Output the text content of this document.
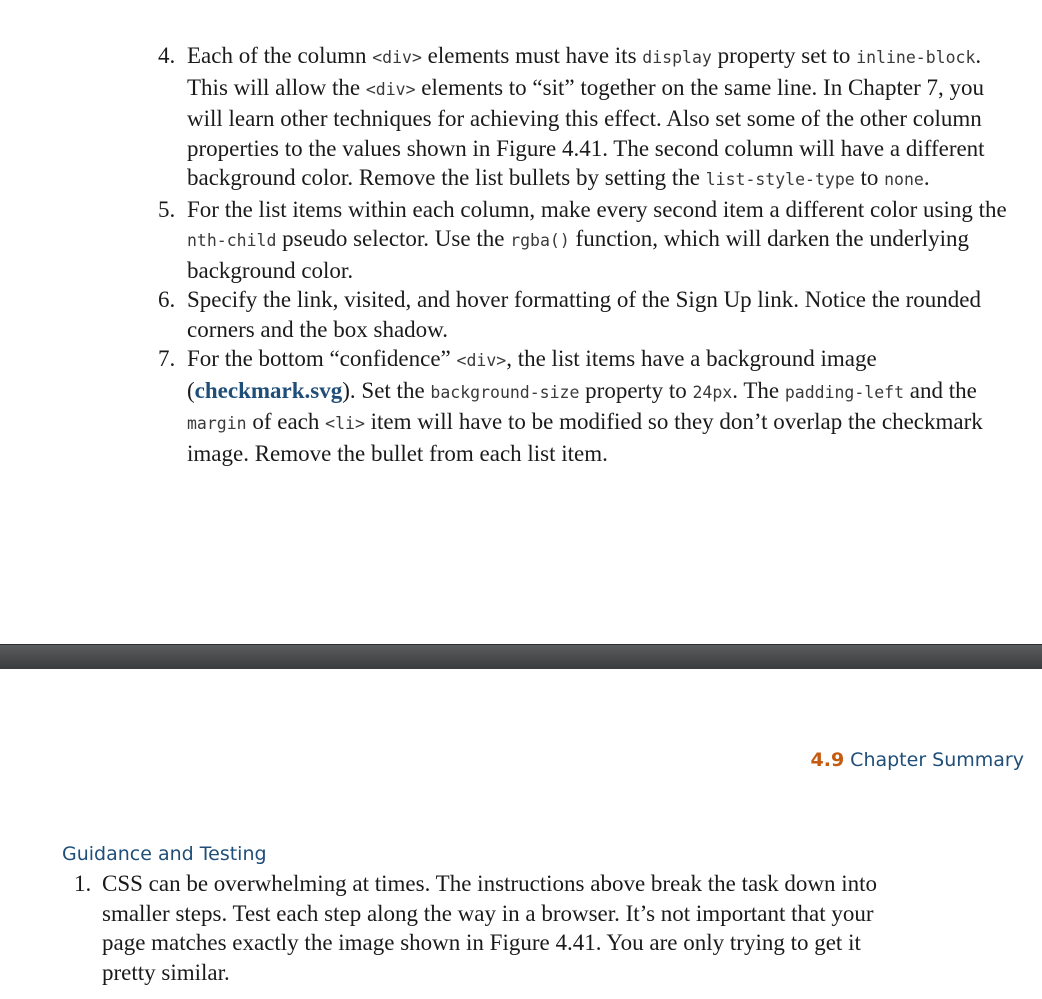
4. Each of the column <div> elements must have its display property set to inline-block. This will allow the <div> elements to “sit” together on the same line. In Chapter 7, you will learn other techniques for achieving this effect. Also set some of the other column properties to the values shown in Figure 4.41. The second column will have a different background color. Remove the list bullets by setting the list-style-type to none.

5. For the list items within each column, make every second item a different color using the nth-child pseudo selector. Use the rgba() function, which will darken the underlying background color.

6. Specify the link, visited, and hover formatting of the Sign Up link. Notice the rounded corners and the box shadow.

7. For the bottom “confidence” <div>, the list items have a background image (checkmark.svg). Set the background-size property to 24px. The padding-left and the margin of each <li> item will have to be modified so they don’t overlap the checkmark image. Remove the bullet from each list item.

4.9 Chapter Summary
Guidance and Testing
1. CSS can be overwhelming at times. The instructions above break the task down into smaller steps. Test each step along the way in a browser. It’s not important that your page matches exactly the image shown in Figure 4.41. You are only trying to get it pretty similar.
